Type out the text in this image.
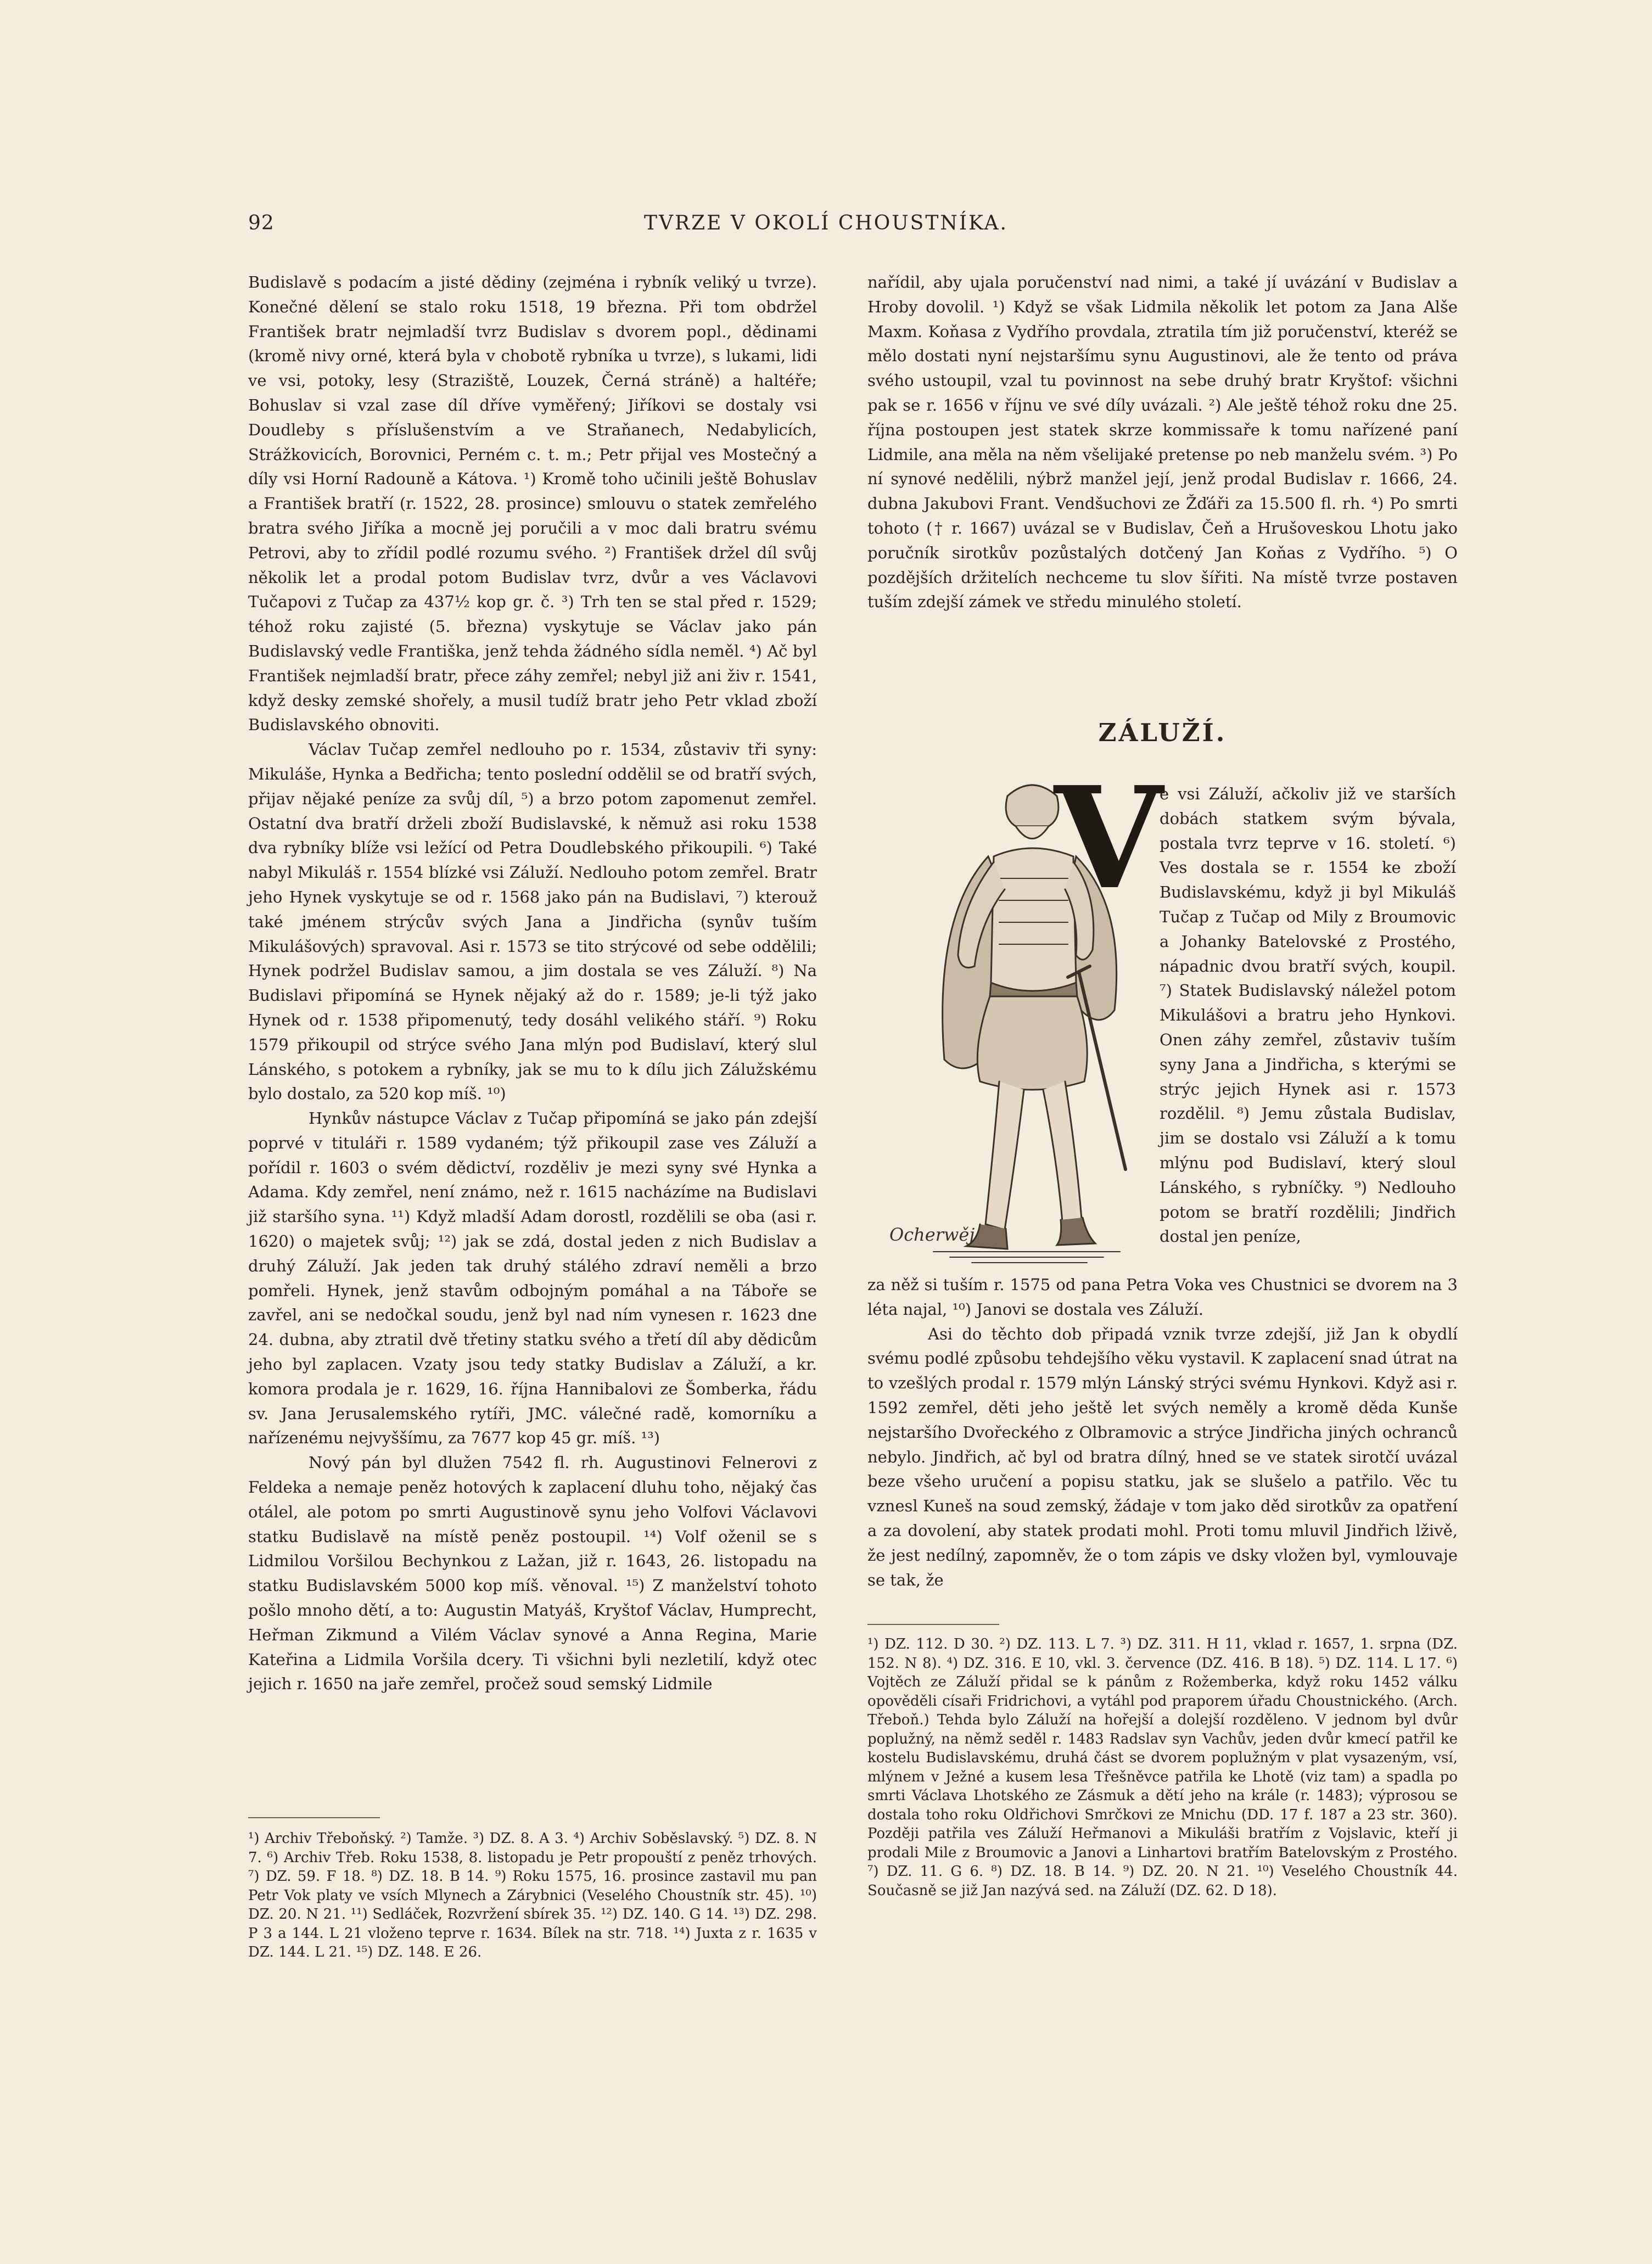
92	TVRZE V OKOLÍ CHOUSTNÍKA.

Budislavě s podacím a jisté dědiny (zejména i rybník veliký u tvrze). Konečné dělení se stalo roku 1518, 19 března. Při tom obdržel František bratr nejmladší tvrz Budislav s dvorem popl., dědinami (kromě nivy orné, která byla v chobotě rybníka u tvrze), s lukami, lidi ve vsi, potoky, lesy (Straziště, Louzek, Černá stráně) a haltéře; Bohuslav si vzal zase díl dříve vyměřený; Jiříkovi se dostaly vsi Doudleby s příslušenstvím a ve Straňanech, Nedabylicích, Strážkovicích, Borovnici, Perném c. t. m.; Petr přijal ves Mostečný a díly vsi Horní Radouně a Kátova. ¹) Kromě toho učinili ještě Bohuslav a František bratří (r. 1522, 28. prosince) smlouvu o statek zemřelého bratra svého Jiříka a mocně jej poručili a v moc dali bratru svému Petrovi, aby to zřídil podlé rozumu svého. ²) František držel díl svůj několik let a prodal potom Budislav tvrz, dvůr a ves Václavovi Tučapovi z Tučap za 437½ kop gr. č. ³) Trh ten se stal před r. 1529; téhož roku zajisté (5. března) vyskytuje se Václav jako pán Budislavský vedle Františka, jenž tehda žádného sídla neměl. ⁴) Ač byl František nejmladší bratr, přece záhy zemřel; nebyl již ani živ r. 1541, když desky zemské shořely, a musil tudíž bratr jeho Petr vklad zboží Budislavského obnoviti.

Václav Tučap zemřel nedlouho po r. 1534, zůstaviv tři syny: Mikuláše, Hynka a Bedřicha; tento poslední oddělil se od bratří svých, přijav nějaké peníze za svůj díl, ⁵) a brzo potom zapomenut zemřel. Ostatní dva bratří drželi zboží Budislavské, k němuž asi roku 1538 dva rybníky blíže vsi ležící od Petra Doudlebského přikoupili. ⁶) Také nabyl Mikuláš r. 1554 blízké vsi Záluží. Nedlouho potom zemřel. Bratr jeho Hynek vyskytuje se od r. 1568 jako pán na Budislavi, ⁷) kterouž také jménem strýcův svých Jana a Jindřicha (synův tuším Mikulášových) spravoval. Asi r. 1573 se tito strýcové od sebe oddělili; Hynek podržel Budislav samou, a jim dostala se ves Záluží. ⁸) Na Budislavi připomíná se Hynek nějaký až do r. 1589; je-li týž jako Hynek od r. 1538 připomenutý, tedy dosáhl velikého stáří. ⁹) Roku 1579 přikoupil od strýce svého Jana mlýn pod Budislaví, který slul Lánského, s potokem a rybníky, jak se mu to k dílu jich Zálužskému bylo dostalo, za 520 kop míš. ¹⁰)

Hynkův nástupce Václav z Tučap připomíná se jako pán zdejší poprvé v tituláři r. 1589 vydaném; týž přikoupil zase ves Záluží a pořídil r. 1603 o svém dědictví, rozděliv je mezi syny své Hynka a Adama. Kdy zemřel, není známo, než r. 1615 nacházíme na Budislavi již staršího syna. ¹¹) Když mladší Adam dorostl, rozdělili se oba (asi r. 1620) o majetek svůj; ¹²) jak se zdá, dostal jeden z nich Budislav a druhý Záluží. Jak jeden tak druhý stálého zdraví neměli a brzo pomřeli. Hynek, jenž stavům odbojným pomáhal a na Táboře se zavřel, ani se nedočkal soudu, jenž byl nad ním vynesen r. 1623 dne 24. dubna, aby ztratil dvě třetiny statku svého a třetí díl aby dědicům jeho byl zaplacen. Vzaty jsou tedy statky Budislav a Záluží, a kr. komora prodala je r. 1629, 16. října Hannibalovi ze Šomberka, řádu sv. Jana Jerusalemského rytíři, JMC. válečné radě, komorníku a nařízenému nejvyššímu, za 7677 kop 45 gr. míš. ¹³)

Nový pán byl dlužen 7542 fl. rh. Augustinovi Felnerovi z Feldeka a nemaje peněz hotových k zaplacení dluhu toho, nějaký čas otálel, ale potom po smrti Augustinově synu jeho Volfovi Václavovi statku Budislavě na místě peněz postoupil. ¹⁴) Volf oženil se s Lidmilou Voršilou Bechynkou z Lažan, již r. 1643, 26. listopadu na statku Budislavském 5000 kop míš. věnoval. ¹⁵) Z manželství tohoto pošlo mnoho dětí, a to: Augustin Matyáš, Kryštof Václav, Humprecht, Heřman Zikmund a Vilém Václav synové a Anna Regina, Marie Kateřina a Lidmila Voršila dcery. Ti všichni byli nezletilí, když otec jejich r. 1650 na jaře zemřel, pročež soud semský Lidmile

¹) Archiv Třeboňský. ²) Tamže. ³) DZ. 8. A 3. ⁴) Archiv Soběslavský. ⁵) DZ. 8. N 7. ⁶) Archiv Třeb. Roku 1538, 8. listopadu je Petr propouští z peněz trhových. ⁷) DZ. 59. F 18. ⁸) DZ. 18. B 14. ⁹) Roku 1575, 16. prosince zastavil mu pan Petr Vok platy ve vsích Mlynech a Zárybnici (Veselého Choustník str. 45). ¹⁰) DZ. 20. N 21. ¹¹) Sedláček, Rozvržení sbírek 35. ¹²) DZ. 140. G 14. ¹³) DZ. 298. P 3 a 144. L 21 vloženo teprve r. 1634. Bílek na str. 718. ¹⁴) Juxta z r. 1635 v DZ. 144. L 21. ¹⁵) DZ. 148. E 26.

nařídil, aby ujala poručenství nad nimi, a také jí uvázání v Budislav a Hroby dovolil. ¹) Když se však Lidmila několik let potom za Jana Alše Maxm. Koňasa z Vydřího provdala, ztratila tím již poručenství, kteréž se mělo dostati nyní nejstaršímu synu Augustinovi, ale že tento od práva svého ustoupil, vzal tu povinnost na sebe druhý bratr Kryštof: všichni pak se r. 1656 v říjnu ve své díly uvázali. ²) Ale ještě téhož roku dne 25. října postoupen jest statek skrze kommissaře k tomu nařízené paní Lidmile, ana měla na něm všelijaké pretense po neb manželu svém. ³) Po ní synové nedělili, nýbrž manžel její, jenž prodal Budislav r. 1666, 24. dubna Jakubovi Frant. Vendšuchovi ze Žďáři za 15.500 fl. rh. ⁴) Po smrti tohoto († r. 1667) uvázal se v Budislav, Čeň a Hrušoveskou Lhotu jako poručník sirotkův pozůstalých dotčený Jan Koňas z Vydřího. ⁵) O pozdějších držitelích nechceme tu slov šířiti. Na místě tvrze postaven tuším zdejší zámek ve středu minulého století.

ZÁLUŽÍ.
Ocherwěj
V

e vsi Záluží, ačkoliv již ve starších dobách statkem svým bývala, postala tvrz teprve v 16. století. ⁶) Ves dostala se r. 1554 ke zboží Budislavskému, když ji byl Mikuláš Tučap z Tučap od Mily z Broumovic a Johanky Batelovské z Prostého, nápadnic dvou bratří svých, koupil. ⁷) Statek Budislavský náležel potom Mikulášovi a bratru jeho Hynkovi. Onen záhy zemřel, zůstaviv tuším syny Jana a Jindřicha, s kterými se strýc jejich Hynek asi r. 1573 rozdělil. ⁸) Jemu zůstala Budislav, jim se dostalo vsi Záluží a k tomu mlýnu pod Budislaví, který sloul Lánského, s rybníčky. ⁹) Nedlouho potom se bratří rozdělili; Jindřich dostal jen peníze,

za něž si tuším r. 1575 od pana Petra Voka ves Chustnici se dvorem na 3 léta najal, ¹⁰) Janovi se dostala ves Záluží.

Asi do těchto dob připadá vznik tvrze zdejší, již Jan k obydlí svému podlé způsobu tehdejšího věku vystavil. K zaplacení snad útrat na to vzešlých prodal r. 1579 mlýn Lánský strýci svému Hynkovi. Když asi r. 1592 zemřel, děti jeho ještě let svých neměly a kromě děda Kunše nejstaršího Dvořeckého z Olbramovic a strýce Jindřicha jiných ochranců nebylo. Jindřich, ač byl od bratra dílný, hned se ve statek sirotčí uvázal beze všeho uručení a popisu statku, jak se slušelo a patřilo. Věc tu vznesl Kuneš na soud zemský, žádaje v tom jako děd sirotkův za opatření a za dovolení, aby statek prodati mohl. Proti tomu mluvil Jindřich lživě, že jest nedílný, zapomněv, že o tom zápis ve dsky vložen byl, vymlouvaje se tak, že

¹) DZ. 112. D 30. ²) DZ. 113. L 7. ³) DZ. 311. H 11, vklad r. 1657, 1. srpna (DZ. 152. N 8). ⁴) DZ. 316. E 10, vkl. 3. července (DZ. 416. B 18). ⁵) DZ. 114. L 17. ⁶) Vojtěch ze Záluží přidal se k pánům z Rožemberka, když roku 1452 válku opověděli císaři Fridrichovi, a vytáhl pod praporem úřadu Choustnického. (Arch. Třeboň.) Tehda bylo Záluží na hořejší a dolejší rozděleno. V jednom byl dvůr poplužný, na němž seděl r. 1483 Radslav syn Vachův, jeden dvůr kmecí patřil ke kostelu Budislavskému, druhá část se dvorem poplužným v plat vysazeným, vsí, mlýnem v Ježné a kusem lesa Třešněvce patřila ke Lhotě (viz tam) a spadla po smrti Václava Lhotského ze Zásmuk a dětí jeho na krále (r. 1483); výprosou se dostala toho roku Oldřichovi Smrčkovi ze Mnichu (DD. 17 f. 187 a 23 str. 360). Později patřila ves Záluží Heřmanovi a Mikuláši bratřím z Vojslavic, kteří ji prodali Mile z Broumovic a Janovi a Linhartovi bratřím Batelovským z Prostého. ⁷) DZ. 11. G 6. ⁸) DZ. 18. B 14. ⁹) DZ. 20. N 21. ¹⁰) Veselého Choustník 44. Současně se již Jan nazývá sed. na Záluží (DZ. 62. D 18).
